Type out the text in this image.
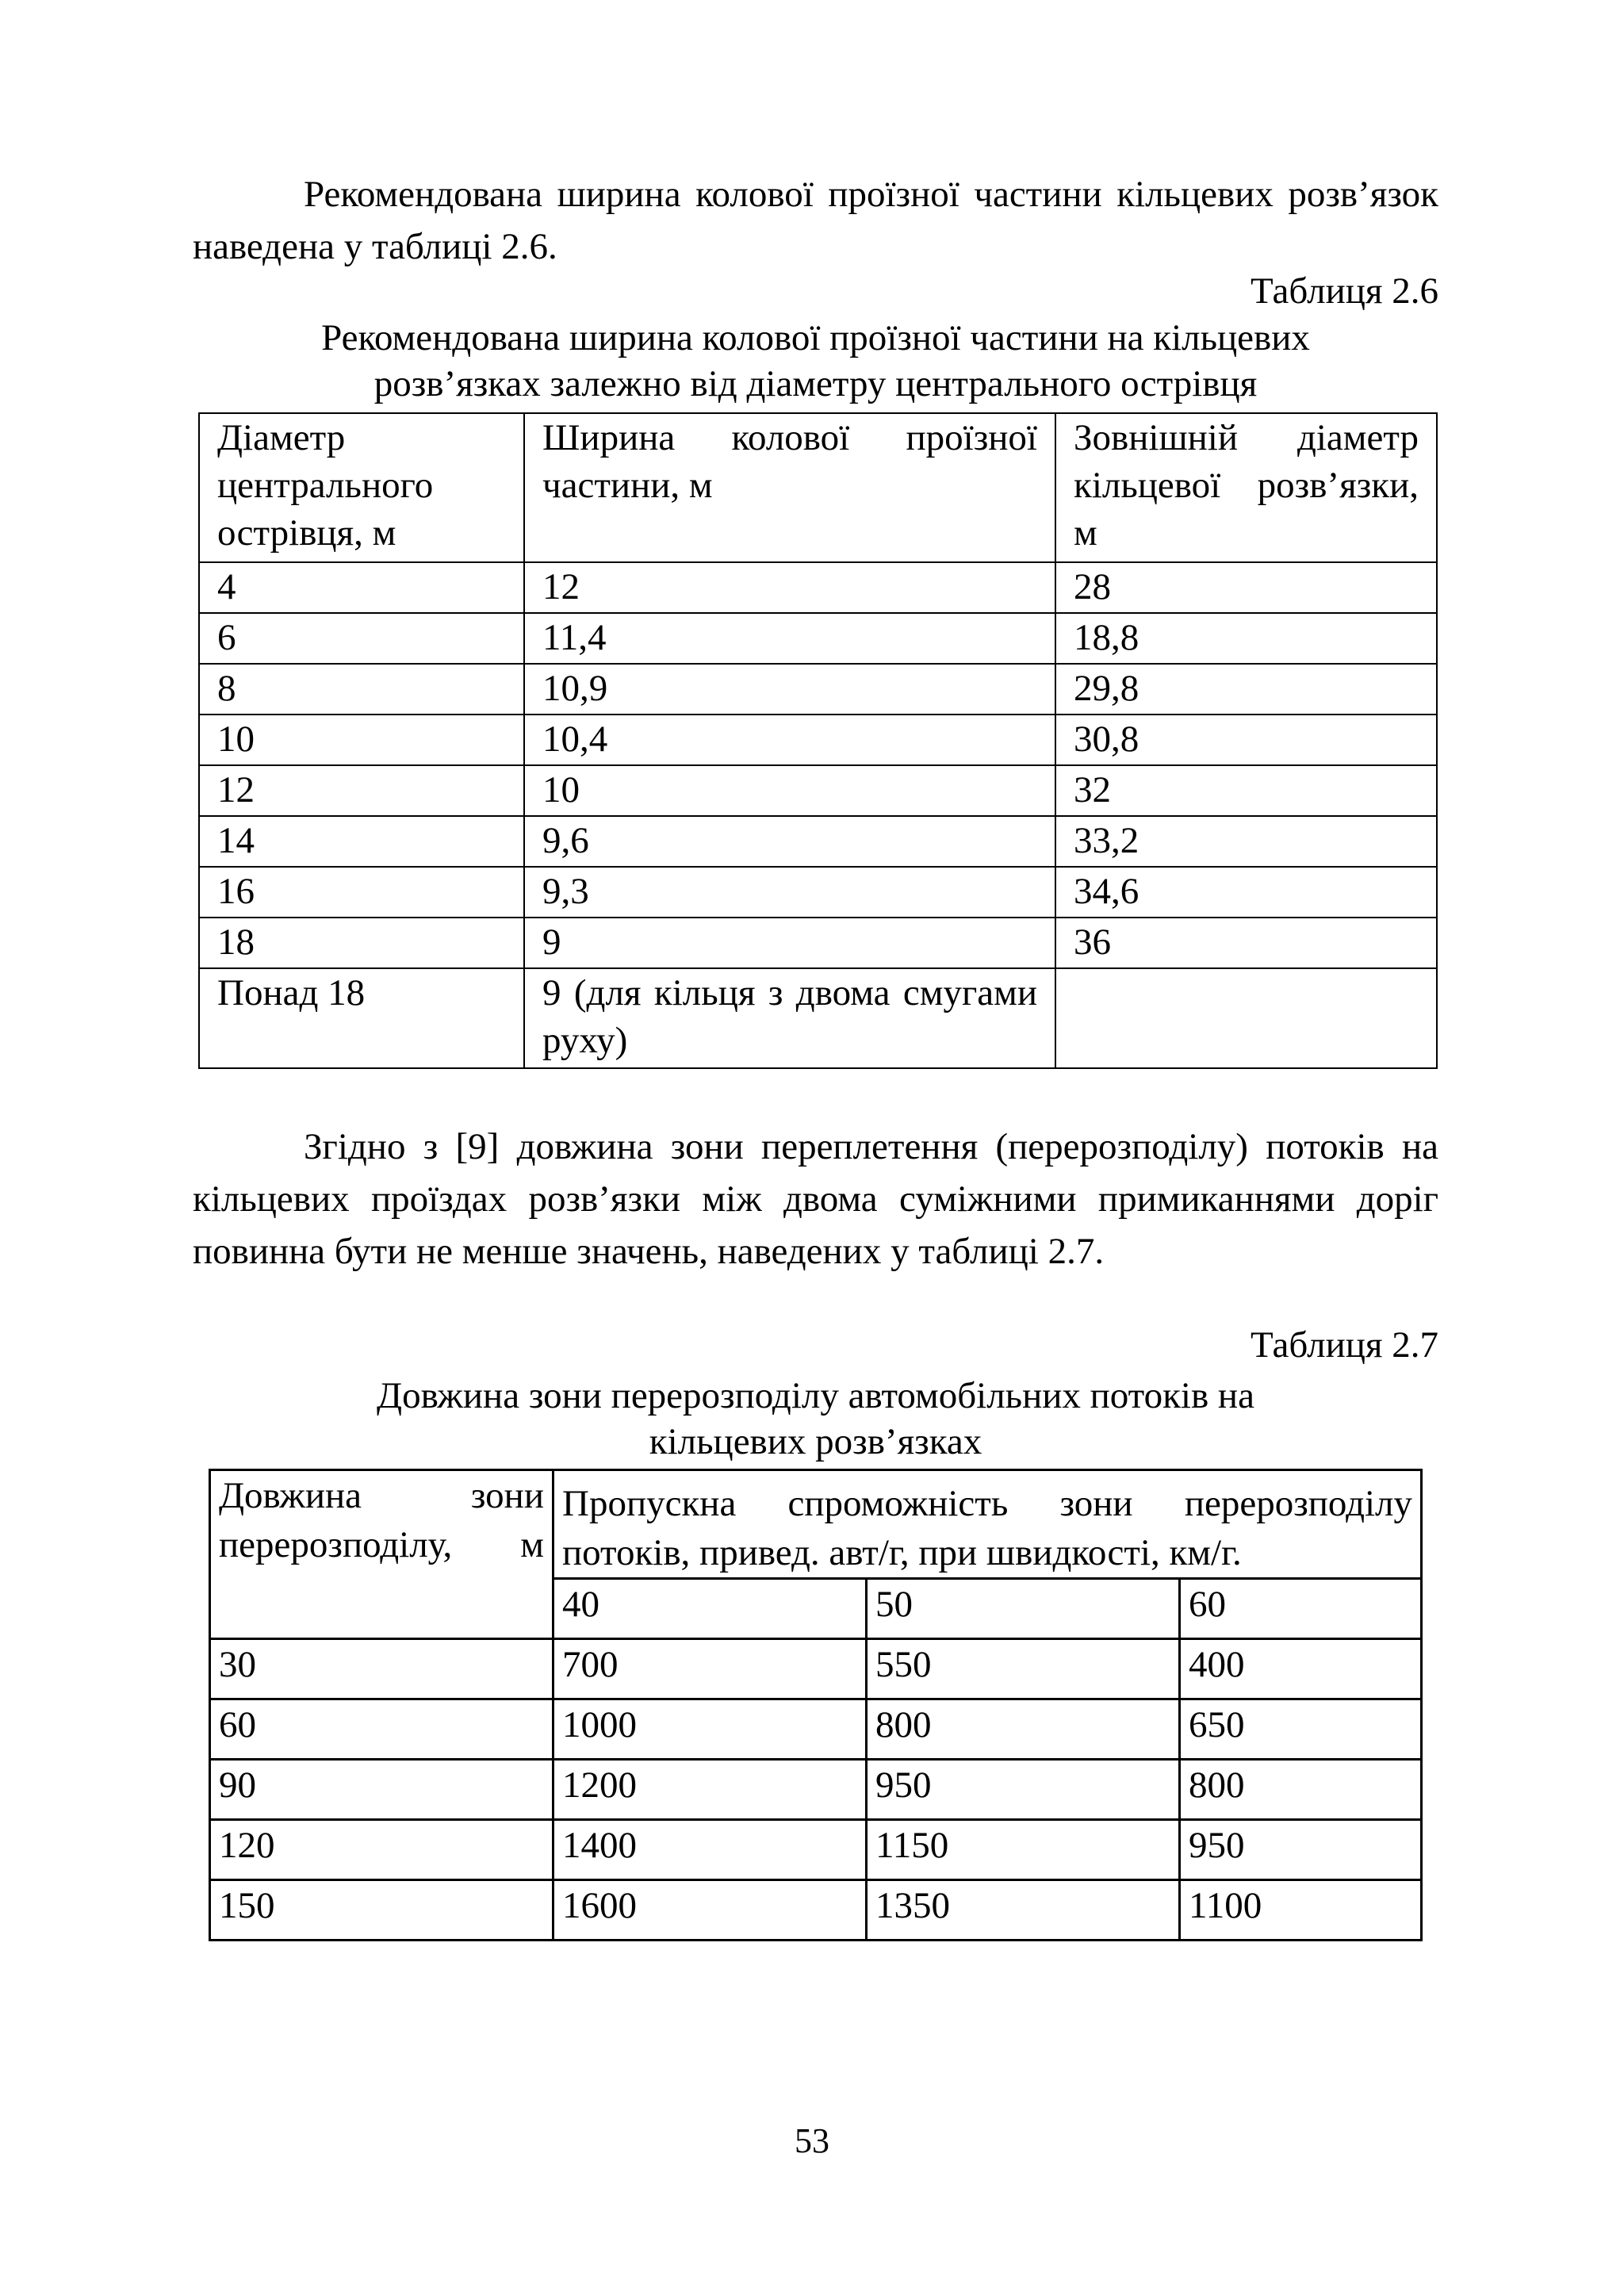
Рекомендована ширина колової проїзної частини кільцевих розв’язок наведена у таблиці 2.6.

Таблиця 2.6

Рекомендована ширина колової проїзної частини на кільцевих

розв’язках залежно від діаметру центрального острівця

Діаметр центрального острівця, м	Ширина колової проїзної частини, м	Зовнішній діаметр кільцевої розв’язки, м
4	12	28
6	11,4	18,8
8	10,9	29,8
10	10,4	30,8
12	10	32
14	9,6	33,2
16	9,3	34,6
18	9	36
Понад 18	9 (для кільця з двома смугами руху)	

Згідно з [9] довжина зони переплетення (перерозподілу) потоків на кільцевих проїздах розв’язки між двома суміжними примиканнями доріг повинна бути не менше значень, наведених у таблиці 2.7.

Таблиця 2.7

Довжина зони перерозподілу автомобільних потоків на

кільцевих розв’язках

Довжина зони перерозподілу, м	Пропускна спроможність зони перерозподілу потоків, привед. авт/г, при швидкості, км/г.		
	40	50	60
30	700	550	400
60	1000	800	650
90	1200	950	800
120	1400	1150	950
150	1600	1350	1100

53
